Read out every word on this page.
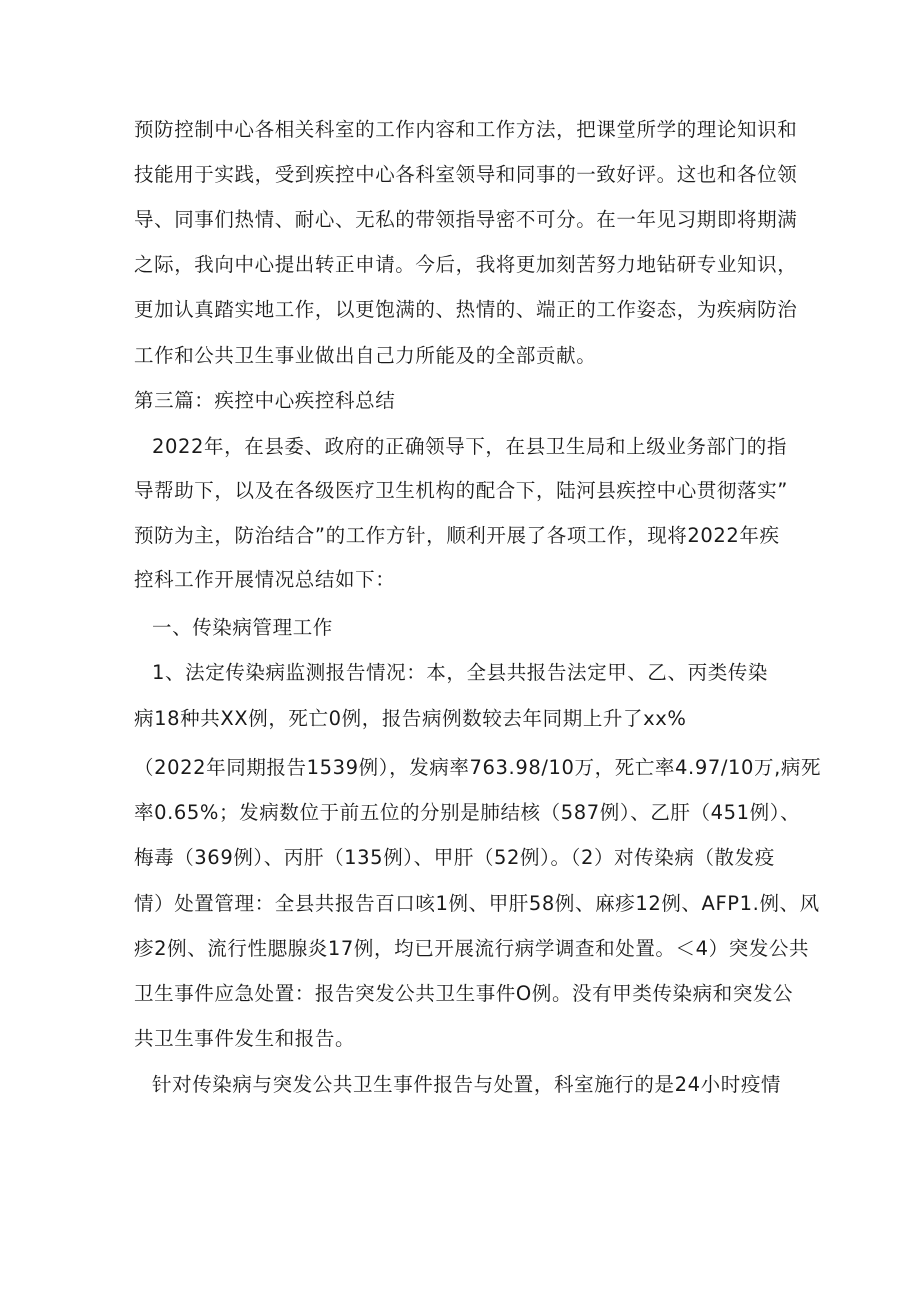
预防控制中心各相关科室的工作内容和工作方法，把课堂所学的理论知识和
技能用于实践，受到疾控中心各科室领导和同事的一致好评。这也和各位领
导、同事们热情、耐心、无私的带领指导密不可分。在一年见习期即将期满
之际，我向中心提出转正申请。今后，我将更加刻苦努力地钻研专业知识，
更加认真踏实地工作，以更饱满的、热情的、端正的工作姿态，为疾病防治
工作和公共卫生事业做出自己力所能及的全部贡献。
第三篇：疾控中心疾控科总结
2022年，在县委、政府的正确领导下，在县卫生局和上级业务部门的指
导帮助下，以及在各级医疗卫生机构的配合下，陆河县疾控中心贯彻落实”
预防为主，防治结合”的工作方针，顺利开展了各项工作，现将2022年疾
控科工作开展情况总结如下：
一、传染病管理工作
1、法定传染病监测报告情况：本，全县共报告法定甲、乙、丙类传染
病18种共XX例，死亡0例，报告病例数较去年同期上升了xx%
（2022年同期报告1539例），发病率763.98/10万，死亡率4.97/10万,病死
率0.65%；发病数位于前五位的分别是肺结核（587例）、乙肝（451例）、
梅毒（369例）、丙肝（135例）、甲肝（52例）。（2）对传染病（散发疫
情）处置管理：全县共报告百口咳1例、甲肝58例、麻疹12例、AFP1.例、风
疹2例、流行性腮腺炎17例，均已开展流行病学调查和处置。＜4）突发公共
卫生事件应急处置：报告突发公共卫生事件O例。没有甲类传染病和突发公
共卫生事件发生和报告。
针对传染病与突发公共卫生事件报告与处置，科室施行的是24小时疫情
